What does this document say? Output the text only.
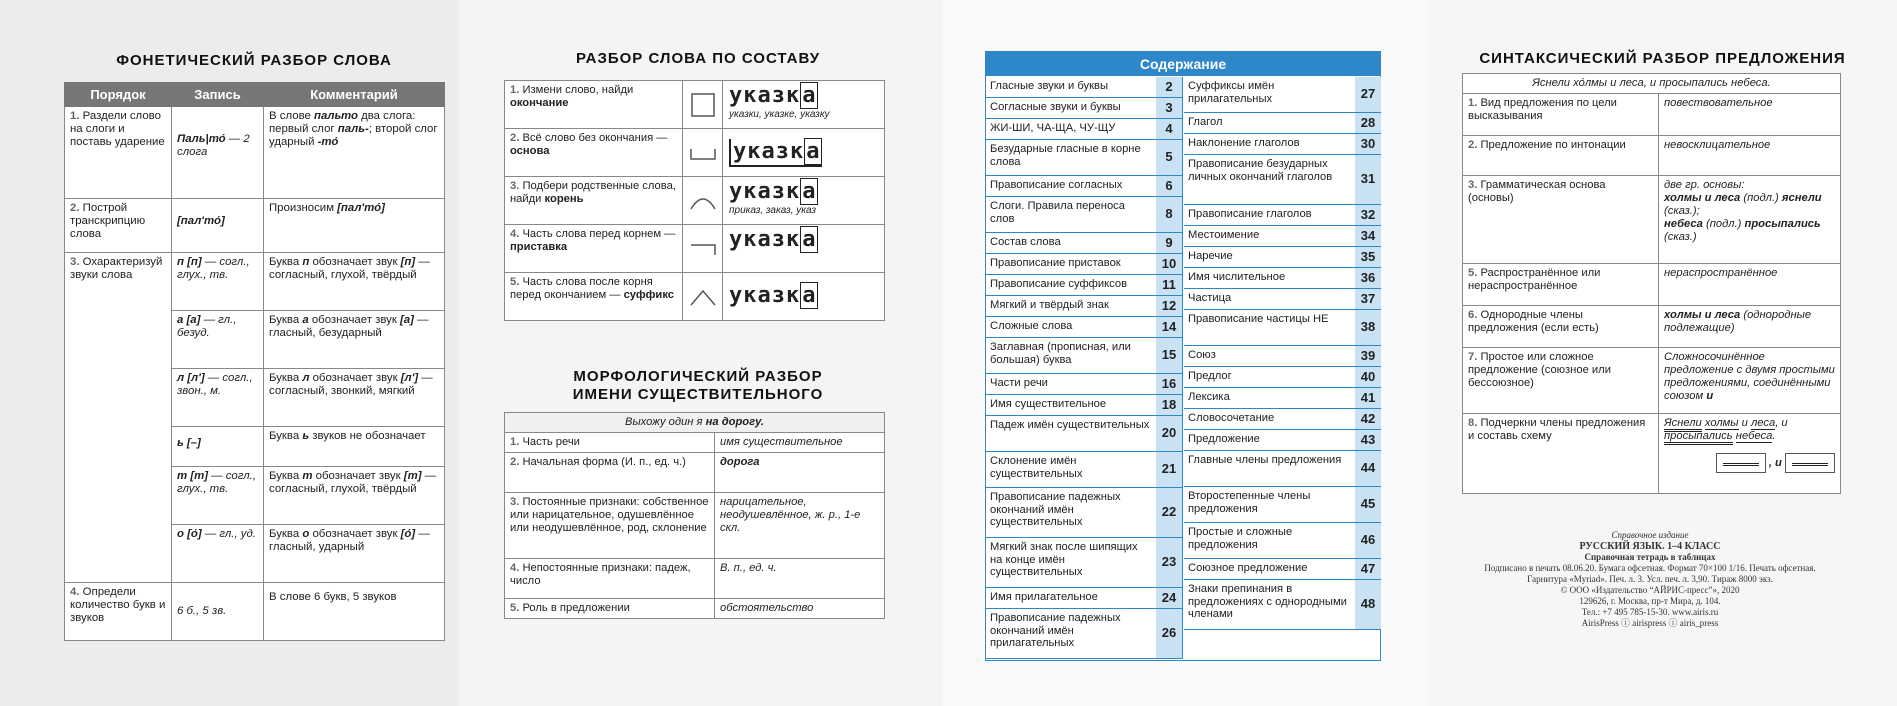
ФОНЕТИЧЕСКИЙ РАЗБОР СЛОВА
Порядок	Запись	Комментарий
1. Раздели слово на слоги и поставь ударение	Паль|то́ — 2 слога	В слове пальто два слога: первый слог паль-; второй слог ударный -то́
2. Построй транскрипцию слова	[пал'то́]	Произносим [пал'то́]
3. Охарактеризуй звуки слова	п [п] — согл., глух., тв.	Буква п обозначает звук [п] — согласный, глухой, твёрдый
	а [а] — гл., безуд.	Буква а обозначает звук [а] — гласный, безударный
	л [л'] — согл., звон., м.	Буква л обозначает звук [л'] — согласный, звонкий, мягкий
	ь [–]	Буква ь звуков не обозначает
	т [т] — согл., глух., тв.	Буква т обозначает звук [т] — согласный, глухой, твёрдый
	о [о́] — гл., уд.	Буква о обозначает звук [о́] — гласный, ударный
4. Определи количество букв и звуков	6 б., 5 зв.	В слове 6 букв, 5 звуков
РАЗБОР СЛОВА ПО СОСТАВУ
МОРФОЛОГИЧЕСКИЙ РАЗБОР
ИМЕНИ СУЩЕСТВИТЕЛЬНОГО
1. Измени слово, найди окончание		указка
указки, указке, указку

2. Всё слово без окончания — основа		указка
3. Подбери родственные слова, найди корень		указка
приказ, заказ, указ

4. Часть слова перед корнем — приставка		указка
5. Часть слова после корня перед окончанием — суффикс		указка
Выхожу один я на дорогу.	
1. Часть речи	имя существительное
2. Начальная форма (И. п., ед. ч.)	дорога
3. Постоянные признаки: собственное или нарицательное, одушевлённое или неодушевлённое, род, склонение	нарицательное, неодушевлённое, ж. р., 1-е скл.
4. Непостоянные признаки: падеж, число	В. п., ед. ч.
5. Роль в предложении	обстоятельство
Содержание
Гласные звуки и буквы	2
Согласные звуки и буквы	3
ЖИ-ШИ, ЧА-ЩА, ЧУ-ЩУ	4
Безударные гласные в корне слова	5
Правописание согласных	6
Слоги. Правила переноса слов	8
Состав слова	9
Правописание приставок	10
Правописание суффиксов	11
Мягкий и твёрдый знак	12
Сложные слова	14
Заглавная (прописная, или большая) буква	15
Части речи	16
Имя существительное	18
Падеж имён существительных
20
Склонение имён существительных	21
Правописание падежных окончаний имён существительных
22
Мягкий знак после шипящих на конце имён существительных
23
Имя прилагательное	24
Правописание падежных окончаний имён прилагательных
26
Суффиксы имён прилагательных	27
Глагол	28
Наклонение глаголов	30
Правописание безударных личных окончаний глаголов	31
Правописание глаголов	32
Местоимение	34
Наречие	35
Имя числительное	36
Частица	37
Правописание частицы НЕ
38
Союз	39
Предлог	40
Лексика	41
Словосочетание	42
Предложение	43
Главные члены предложения
44
Второстепенные члены предложения	45
Простые и сложные предложения	46
Союзное предложение	47
Знаки препинания в предложениях с однородными членами
48
СИНТАКСИЧЕСКИЙ РАЗБОР ПРЕДЛОЖЕНИЯ
Яснели хо́лмы и леса, и просыпались небеса.	
1. Вид предложения по цели высказывания	повествовательное
2. Предложение по интонации	невосклицательное
3. Грамматическая основа (основы)	две гр. основы:
холмы и леса (подл.) яснели (сказ.);
небеса (подл.) просыпались (сказ.)
5. Распространённое или нераспространённое	нераспространённое
6. Однородные члены предложения (если есть)	холмы и леса (однородные подлежащие)
7. Простое или сложное предложение (союзное или бессоюзное)	Сложносочинённое предложение с двумя простыми предложениями, соединёнными союзом и
8. Подчеркни члены предложения и составь схему	Яснели холмы и леса, и просыпались небеса.
, и
Справочное издание
РУССКИЙ ЯЗЫК. 1–4 КЛАСС
Справочная тетрадь в таблицах
Подписано в печать 08.06.20. Бумага офсетная. Формат 70×100 1/16. Печать офсетная.
Гарнитура «Myriad». Печ. л. 3. Усл. печ. л. 3,90. Тираж 8000 экз.
© ООО «Издательство “АЙРИС-пресс”», 2020
129626, г. Москва, пр-т Мира, д. 104.
Тел.: +7 495 785-15-30. www.airis.ru
AirisPress ⓘ airispress ⓘ airis_press
